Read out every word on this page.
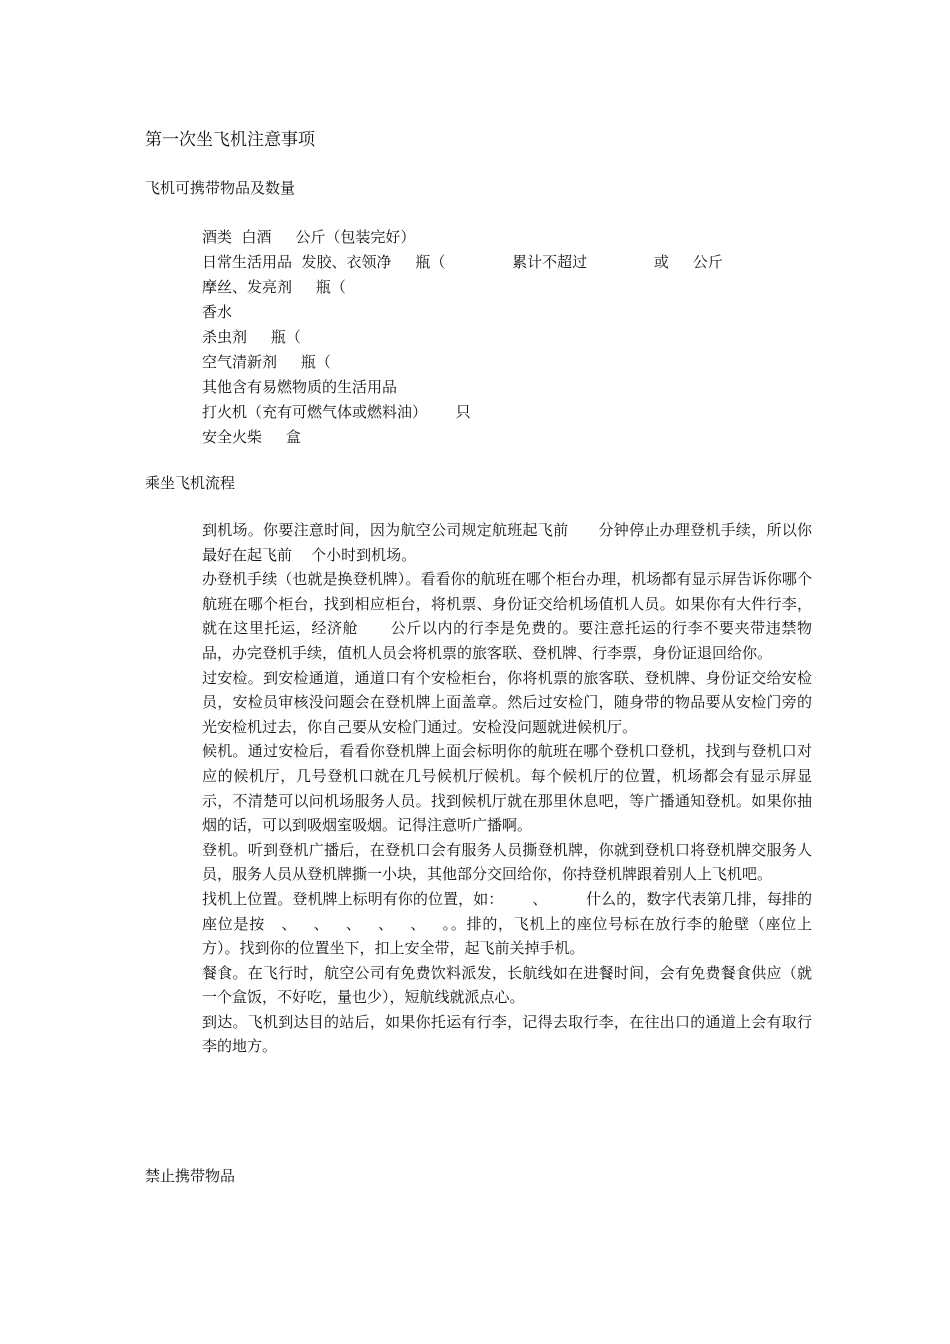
第一次坐飞机注意事项
飞机可携带物品及数量
酒类  白酒     公斤（包装完好）
日常生活用品  发胶、衣领净     瓶（              累计不超过              或     公斤
摩丝、发亮剂     瓶（
香水
杀虫剂     瓶（
空气清新剂     瓶（
其他含有易燃物质的生活用品
打火机（充有可燃气体或燃料油）      只
安全火柴     盒
乘坐飞机流程

到机场。你要注意时间，因为航空公司规定航班起飞前      分钟停止办理登机手续，所以你最好在起飞前    个小时到机场。

办登机手续（也就是换登机牌）。看看你的航班在哪个柜台办理，机场都有显示屏告诉你哪个航班在哪个柜台，找到相应柜台，将机票、身份证交给机场值机人员。如果你有大件行李，就在这里托运，经济舱      公斤以内的行李是免费的。要注意托运的行李不要夹带违禁物品，办完登机手续，值机人员会将机票的旅客联、登机牌、行李票，身份证退回给你。

过安检。到安检通道，通道口有个安检柜台，你将机票的旅客联、登机牌、身份证交给安检员，安检员审核没问题会在登机牌上面盖章。然后过安检门，随身带的物品要从安检门旁的     光安检机过去，你自己要从安检门通过。安检没问题就进候机厅。

候机。通过安检后，看看你登机牌上面会标明你的航班在哪个登机口登机，找到与登机口对应的候机厅，几号登机口就在几号候机厅候机。每个候机厅的位置，机场都会有显示屏显示，不清楚可以问机场服务人员。找到候机厅就在那里休息吧，等广播通知登机。如果你抽烟的话，可以到吸烟室吸烟。记得注意听广播啊。

登机。听到登机广播后，在登机口会有服务人员撕登机牌，你就到登机口将登机牌交服务人员，服务人员从登机牌撕一小块，其他部分交回给你，你持登机牌跟着别人上飞机吧。

找机上位置。登机牌上标明有你的位置，如：      、        什么的，数字代表第几排，每排的座位是按   、   、   、   、   、   。。排的，飞机上的座位号标在放行李的舱壁（座位上方）。找到你的位置坐下，扣上安全带，起飞前关掉手机。

餐食。在飞行时，航空公司有免费饮料派发，长航线如在进餐时间，会有免费餐食供应（就一个盒饭，不好吃，量也少），短航线就派点心。

到达。飞机到达目的站后，如果你托运有行李，记得去取行李，在往出口的通道上会有取行李的地方。

禁止携带物品
